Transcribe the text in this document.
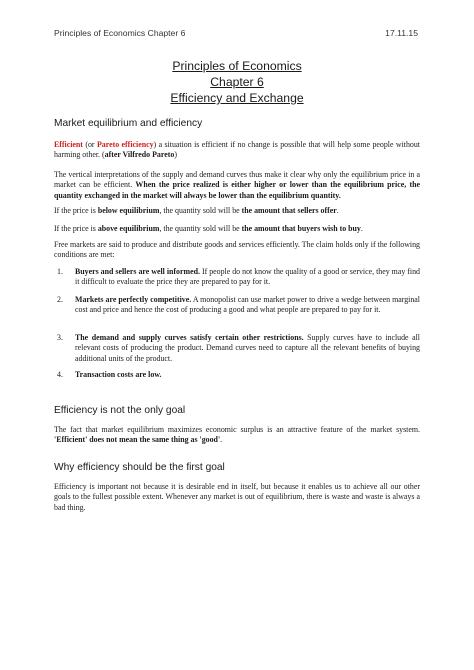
Principles of Economics Chapter 6	17.11.15
Principles of Economics
Chapter 6
Efficiency and Exchange
Market equilibrium and efficiency
Efficient (or Pareto efficiency) a situation is efficient if no change is possible that will help some people without harming other. (after Vilfredo Pareto)
The vertical interpretations of the supply and demand curves thus make it clear why only the equilibrium price in a market can be efficient. When the price realized is either higher or lower than the equilibrium price, the quantity exchanged in the market will always be lower than the equilibrium quantity.
If the price is below equilibrium, the quantity sold will be the amount that sellers offer.
If the price is above equilibrium, the quantity sold will be the amount that buyers wish to buy.
Free markets are said to produce and distribute goods and services efficiently. The claim holds only if the following conditions are met:
1. Buyers and sellers are well informed. If people do not know the quality of a good or service, they may find it difficult to evaluate the price they are prepared to pay for it.
2. Markets are perfectly competitive. A monopolist can use market power to drive a wedge between marginal cost and price and hence the cost of producing a good and what people are prepared to pay for it.
3. The demand and supply curves satisfy certain other restrictions. Supply curves have to include all relevant costs of producing the product. Demand curves need to capture all the relevant benefits of buying additional units of the product.
4. Transaction costs are low.
Efficiency is not the only goal
The fact that market equilibrium maximizes economic surplus is an attractive feature of the market system. 'Efficient' does not mean the same thing as 'good'.
Why efficiency should be the first goal
Efficiency is important not because it is desirable end in itself, but because it enables us to achieve all our other goals to the fullest possible extent. Whenever any market is out of equilibrium, there is waste and waste is always a bad thing.
